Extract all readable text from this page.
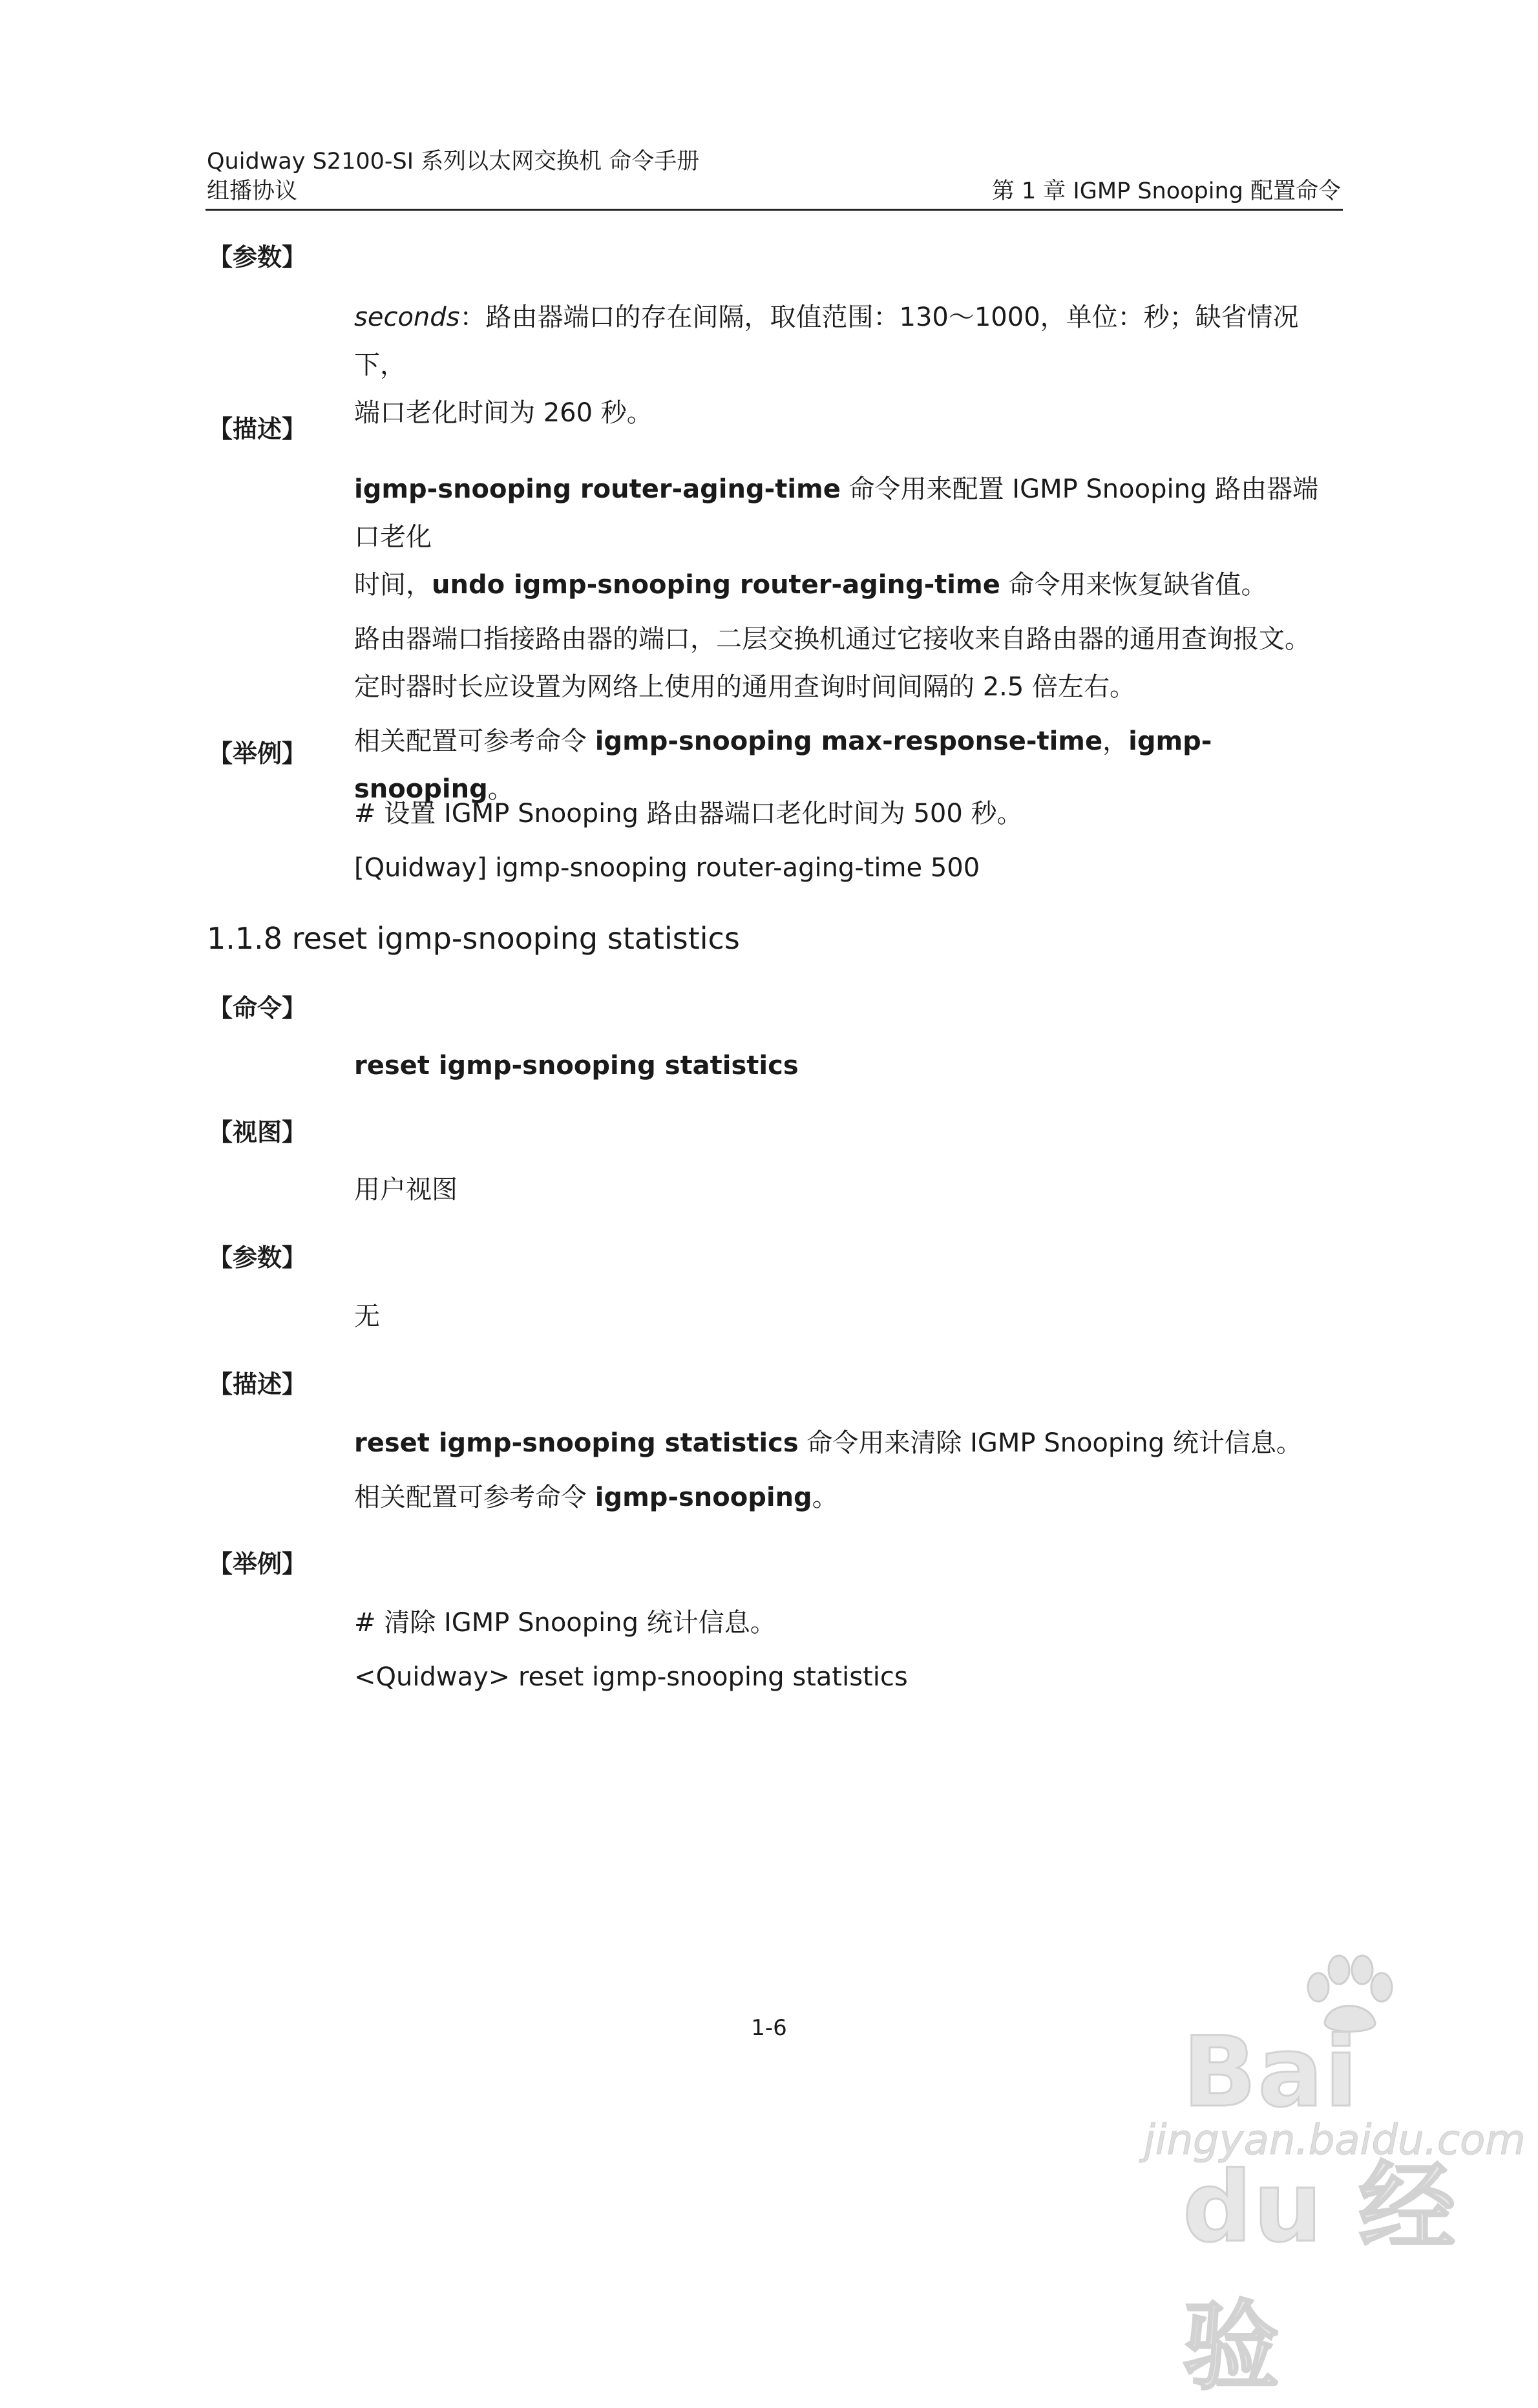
Quidway S2100-SI 系列以太网交换机 命令手册
组播协议	第 1 章 IGMP Snooping 配置命令
【参数】
seconds：路由器端口的存在间隔，取值范围：130～1000，单位：秒；缺省情况下，
端口老化时间为 260 秒。
【描述】
igmp-snooping router-aging-time 命令用来配置 IGMP Snooping 路由器端口老化
时间，undo igmp-snooping router-aging-time 命令用来恢复缺省值。
路由器端口指接路由器的端口，二层交换机通过它接收来自路由器的通用查询报文。
定时器时长应设置为网络上使用的通用查询时间间隔的 2.5 倍左右。
相关配置可参考命令 igmp-snooping max-response-time，igmp-snooping。
【举例】
# 设置 IGMP Snooping 路由器端口老化时间为 500 秒。
[Quidway] igmp-snooping router-aging-time 500
1.1.8 reset igmp-snooping statistics
【命令】
reset igmp-snooping statistics
【视图】
用户视图
【参数】
无
【描述】
reset igmp-snooping statistics 命令用来清除 IGMP Snooping 统计信息。
相关配置可参考命令 igmp-snooping。
【举例】
# 清除 IGMP Snooping 统计信息。
<Quidway> reset igmp-snooping statistics
1-6	Bai du 经验
jingyan.baidu.com
